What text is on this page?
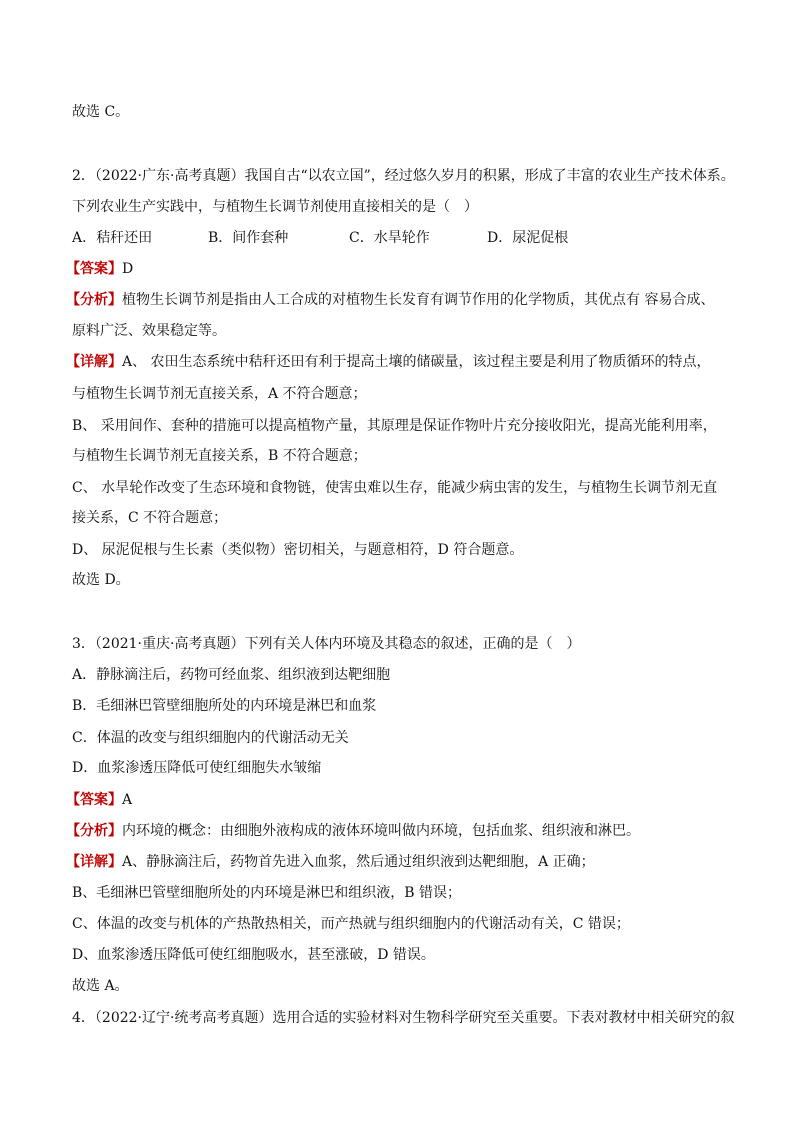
故选 C。
2．（2022·广东·高考真题）我国自古“以农立国”，经过悠久岁月的积累，形成了丰富的农业生产技术体系。
下列农业生产实践中，与植物生长调节剂使用直接相关的是（　）
A．秸秆还田	B．间作套种	C．水旱轮作	D．尿泥促根
【答案】D
【分析】植物生长调节剂是指由人工合成的对植物生长发育有调节作用的化学物质，其优点有 容易合成、
原料广泛、效果稳定等。
【详解】A、 农田生态系统中秸秆还田有利于提高土壤的储碳量，该过程主要是利用了物质循环的特点，
与植物生长调节剂无直接关系，A 不符合题意；
B、 采用间作、套种的措施可以提高植物产量，其原理是保证作物叶片充分接收阳光，提高光能利用率，
与植物生长调节剂无直接关系，B 不符合题意；
C、 水旱轮作改变了生态环境和食物链，使害虫难以生存，能减少病虫害的发生，与植物生长调节剂无直
接关系，C 不符合题意；
D、 尿泥促根与生长素（类似物）密切相关，与题意相符，D 符合题意。
故选 D。
3．（2021·重庆·高考真题）下列有关人体内环境及其稳态的叙述，正确的是（　）
A．静脉滴注后，药物可经血浆、组织液到达靶细胞
B．毛细淋巴管壁细胞所处的内环境是淋巴和血浆
C．体温的改变与组织细胞内的代谢活动无关
D．血浆渗透压降低可使红细胞失水皱缩
【答案】A
【分析】内环境的概念：由细胞外液构成的液体环境叫做内环境，包括血浆、组织液和淋巴。
【详解】A、静脉滴注后，药物首先进入血浆，然后通过组织液到达靶细胞，A 正确；
B、毛细淋巴管壁细胞所处的内环境是淋巴和组织液，B 错误；
C、体温的改变与机体的产热散热相关，而产热就与组织细胞内的代谢活动有关，C 错误；
D、血浆渗透压降低可使红细胞吸水，甚至涨破，D 错误。
故选 A。
4．（2022·辽宁·统考高考真题）选用合适的实验材料对生物科学研究至关重要。下表对教材中相关研究的叙
